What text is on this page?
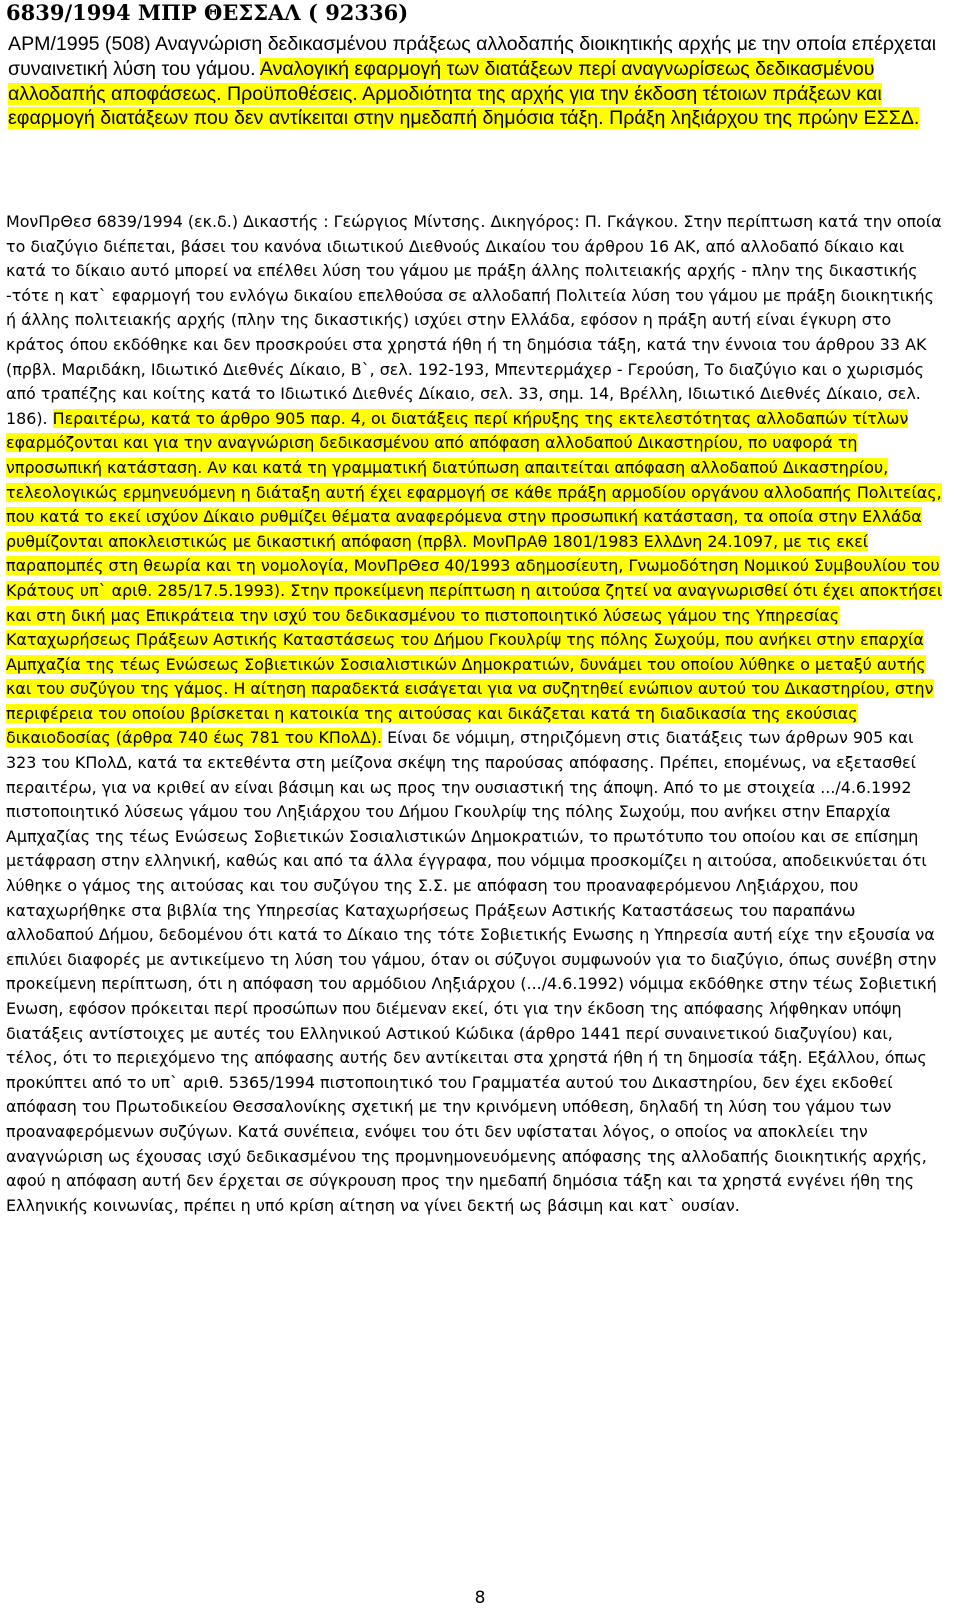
6839/1994 ΜΠΡ ΘΕΣΣΑΛ ( 92336)
ΑΡΜ/1995 (508) Αναγνώριση δεδικασμένου πράξεως αλλοδαπής διοικητικής αρχής με την οποία επέρχεται συναινετική λύση του γάμου. Αναλογική εφαρμογή των διατάξεων περί αναγνωρίσεως δεδικασμένου αλλοδαπής αποφάσεως. Προϋποθέσεις. Αρμοδιότητα της αρχής για την έκδοση τέτοιων πράξεων και εφαρμογή διατάξεων που δεν αντίκειται στην ημεδαπή δημόσια τάξη. Πράξη ληξιάρχου της πρώην ΕΣΣΔ.
ΜονΠρΘεσ 6839/1994 (εκ.δ.) Δικαστής : Γεώργιος Μίντσης. Δικηγόρος: Π. Γκάγκου. Στην περίπτωση κατά την οποία το διαζύγιο διέπεται, βάσει του κανόνα ιδιωτικού Διεθνούς Δικαίου του άρθρου 16 ΑΚ, από αλλοδαπό δίκαιο και κατά το δίκαιο αυτό μπορεί να επέλθει λύση του γάμου με πράξη άλλης πολιτειακής αρχής - πλην της δικαστικής -τότε η κατ` εφαρμογή του ενλόγω δικαίου επελθούσα σε αλλοδαπή Πολιτεία λύση του γάμου με πράξη διοικητικής ή άλλης πολιτειακής αρχής (πλην της δικαστικής) ισχύει στην Ελλάδα, εφόσον η πράξη αυτή είναι έγκυρη στο κράτος όπου εκδόθηκε και δεν προσκρούει στα χρηστά ήθη ή τη δημόσια τάξη, κατά την έννοια του άρθρου 33 ΑΚ (πρβλ. Μαριδάκη, Ιδιωτικό Διεθνές Δίκαιο, Β`, σελ. 192-193, Μπεντερμάχερ - Γερούση, Το διαζύγιο και ο χωρισμός από τραπέζης και κοίτης κατά το Ιδιωτικό Διεθνές Δίκαιο, σελ. 33, σημ. 14, Βρέλλη, Ιδιωτικό Διεθνές Δίκαιο, σελ. 186). Περαιτέρω, κατά το άρθρο 905 παρ. 4, οι διατάξεις περί κήρυξης της εκτελεστότητας αλλοδαπών τίτλων εφαρμόζονται και για την αναγνώριση δεδικασμένου από απόφαση αλλοδαπού Δικαστηρίου, πο υαφορά τη νπροσωπική κατάσταση. Αν και κατά τη γραμματική διατύπωση απαιτείται απόφαση αλλοδαπού Δικαστηρίου, τελεολογικώς ερμηνευόμενη η διάταξη αυτή έχει εφαρμογή σε κάθε πράξη αρμοδίου οργάνου αλλοδαπής Πολιτείας, που κατά το εκεί ισχύον Δίκαιο ρυθμίζει θέματα αναφερόμενα στην προσωπική κατάσταση, τα οποία στην Ελλάδα ρυθμίζονται αποκλειστικώς με δικαστική απόφαση (πρβλ. ΜονΠρΑθ 1801/1983 ΕλλΔνη 24.1097, με τις εκεί παραπομπές στη θεωρία και τη νομολογία, ΜονΠρΘεσ 40/1993 αδημοσίευτη, Γνωμοδότηση Νομικού Συμβουλίου του Κράτους υπ` αριθ. 285/17.5.1993). Στην προκείμενη περίπτωση η αιτούσα ζητεί να αναγνωρισθεί ότι έχει αποκτήσει και στη δική μας Επικράτεια την ισχύ του δεδικασμένου το πιστοποιητικό λύσεως γάμου της Υπηρεσίας Καταχωρήσεως Πράξεων Αστικής Καταστάσεως του Δήμου Γκουλρίψ της πόλης Σωχούμ, που ανήκει στην επαρχία Αμπχαζία της τέως Ενώσεως Σοβιετικών Σοσιαλιστικών Δημοκρατιών, δυνάμει του οποίου λύθηκε ο μεταξύ αυτής και του συζύγου της γάμος. Η αίτηση παραδεκτά εισάγεται για να συζητηθεί ενώπιον αυτού του Δικαστηρίου, στην περιφέρεια του οποίου βρίσκεται η κατοικία της αιτούσας και δικάζεται κατά τη διαδικασία της εκούσιας δικαιοδοσίας (άρθρα 740 έως 781 του ΚΠολΔ). Είναι δε νόμιμη, στηριζόμενη στις διατάξεις των άρθρων 905 και 323 του ΚΠολΔ, κατά τα εκτεθέντα στη μείζονα σκέψη της παρούσας απόφασης. Πρέπει, επομένως, να εξετασθεί περαιτέρω, για να κριθεί αν είναι βάσιμη και ως προς την ουσιαστική της άποψη. Από το με στοιχεία .../4.6.1992 πιστοποιητικό λύσεως γάμου του Ληξιάρχου του Δήμου Γκουλρίψ της πόλης Σωχούμ, που ανήκει στην Επαρχία Αμπχαζίας της τέως Ενώσεως Σοβιετικών Σοσιαλιστικών Δημοκρατιών, το πρωτότυπο του οποίου και σε επίσημη μετάφραση στην ελληνική, καθώς και από τα άλλα έγγραφα, που νόμιμα προσκομίζει η αιτούσα, αποδεικνύεται ότι λύθηκε ο γάμος της αιτούσας και του συζύγου της Σ.Σ. με απόφαση του προαναφερόμενου Ληξιάρχου, που καταχωρήθηκε στα βιβλία της Υπηρεσίας Καταχωρήσεως Πράξεων Αστικής Καταστάσεως του παραπάνω αλλοδαπού Δήμου, δεδομένου ότι κατά το Δίκαιο της τότε Σοβιετικής Ενωσης η Υπηρεσία αυτή είχε την εξουσία να επιλύει διαφορές με αντικείμενο τη λύση του γάμου, όταν οι σύζυγοι συμφωνούν για το διαζύγιο, όπως συνέβη στην προκείμενη περίπτωση, ότι η απόφαση του αρμόδιου Ληξιάρχου (.../4.6.1992) νόμιμα εκδόθηκε στην τέως Σοβιετική Ενωση, εφόσον πρόκειται περί προσώπων που διέμεναν εκεί, ότι για την έκδοση της απόφασης λήφθηκαν υπόψη διατάξεις αντίστοιχες με αυτές του Ελληνικού Αστικού Κώδικα (άρθρο 1441 περί συναινετικού διαζυγίου) και, τέλος, ότι το περιεχόμενο της απόφασης αυτής δεν αντίκειται στα χρηστά ήθη ή τη δημοσία τάξη. Εξάλλου, όπως προκύπτει από το υπ` αριθ. 5365/1994 πιστοποιητικό του Γραμματέα αυτού του Δικαστηρίου, δεν έχει εκδοθεί απόφαση του Πρωτοδικείου Θεσσαλονίκης σχετική με την κρινόμενη υπόθεση, δηλαδή τη λύση του γάμου των προαναφερόμενων συζύγων. Κατά συνέπεια, ενόψει του ότι δεν υφίσταται λόγος, ο οποίος να αποκλείει την αναγνώριση ως έχουσας ισχύ δεδικασμένου της προμνημονευόμενης απόφασης της αλλοδαπής διοικητικής αρχής, αφού η απόφαση αυτή δεν έρχεται σε σύγκρουση προς την ημεδαπή δημόσια τάξη και τα χρηστά ενγένει ήθη της Ελληνικής κοινωνίας, πρέπει η υπό κρίση αίτηση να γίνει δεκτή ως βάσιμη και κατ` ουσίαν.
8
